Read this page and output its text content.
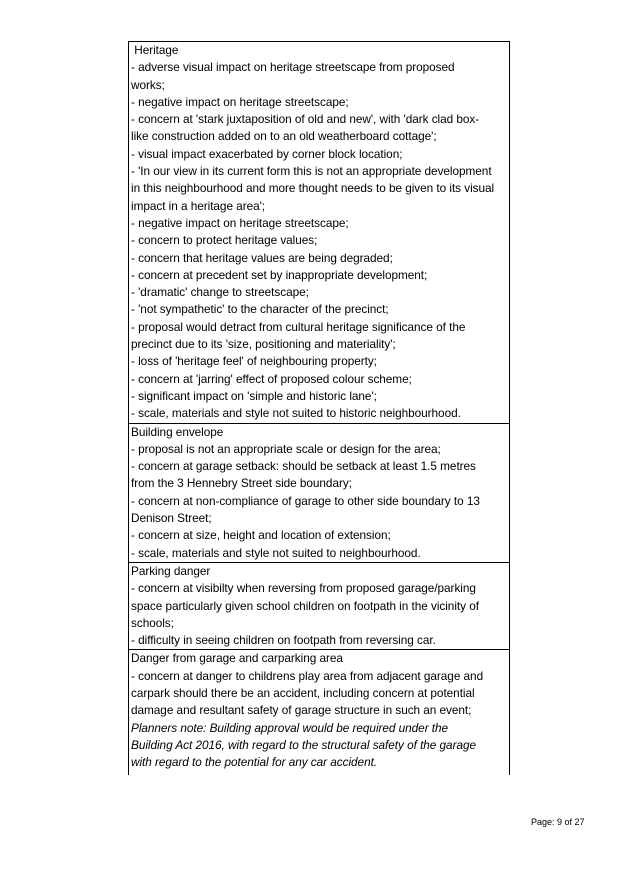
Heritage
- adverse visual impact on heritage streetscape from proposed
works;
- negative impact on heritage streetscape;
- concern at 'stark juxtaposition of old and new', with 'dark clad box-
like construction added on to an old weatherboard cottage';
- visual impact exacerbated by corner block location;
- 'In our view in its current form this is not an appropriate development
in this neighbourhood and more thought needs to be given to its visual
impact in a heritage area';
- negative impact on heritage streetscape;
- concern to protect heritage values;
- concern that heritage values are being degraded;
- concern at precedent set by inappropriate development;
- 'dramatic' change to streetscape;
- 'not sympathetic' to the character of the precinct;
- proposal would detract from cultural heritage significance of the
precinct due to its 'size, positioning and materiality';
- loss of 'heritage feel' of neighbouring property;
- concern at 'jarring' effect of proposed colour scheme;
- significant impact on 'simple and historic lane';
- scale, materials and style not suited to historic neighbourhood.
Building envelope
- proposal is not an appropriate scale or design for the area;
- concern at garage setback: should be setback at least 1.5 metres
from the 3 Hennebry Street side boundary;
- concern at non-compliance of garage to other side boundary to 13
Denison Street;
- concern at size, height and location of extension;
- scale, materials and style not suited to neighbourhood.
Parking danger
- concern at visibilty when reversing from proposed garage/parking
space particularly given school children on footpath in the vicinity of
schools;
- difficulty in seeing children on footpath from reversing car.
Danger from garage and carparking area
- concern at danger to childrens play area from adjacent garage and
carpark should there be an accident, including concern at potential
damage and resultant safety of garage structure in such an event;
Planners note: Building approval would be required under the
Building Act 2016, with regard to the structural safety of the garage
with regard to the potential for any car accident.
Page: 9 of 27
